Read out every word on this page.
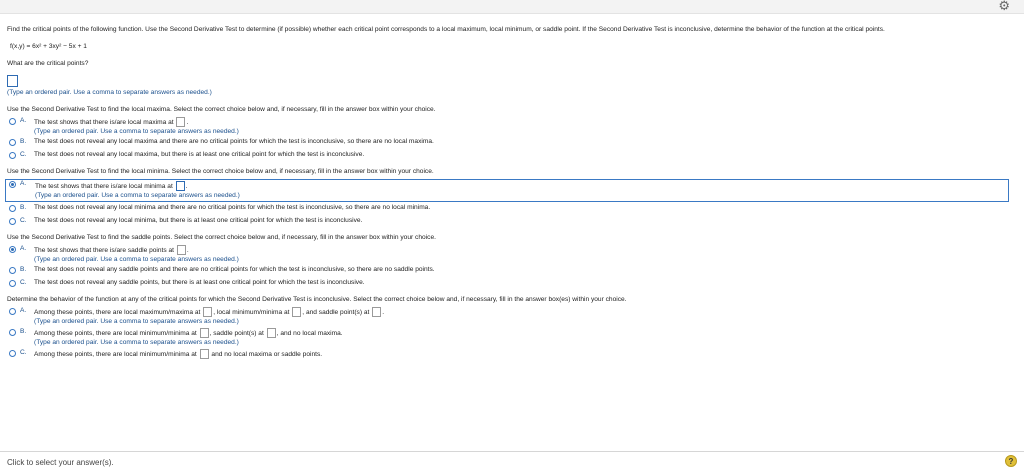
⚙
Find the critical points of the following function. Use the Second Derivative Test to determine (if possible) whether each critical point corresponds to a local maximum, local minimum, or saddle point. If the Second Derivative Test is inconclusive, determine the behavior of the function at the critical points.
f(x,y) = 6x² + 3xy² − 5x + 1
What are the critical points?
(Type an ordered pair. Use a comma to separate answers as needed.)
Use the Second Derivative Test to find the local maxima. Select the correct choice below and, if necessary, fill in the answer box within your choice.
A. The test shows that there is/are local maxima at .
(Type an ordered pair. Use a comma to separate answers as needed.)
B. The test does not reveal any local maxima and there are no critical points for which the test is inconclusive, so there are no local maxima.
C. The test does not reveal any local maxima, but there is at least one critical point for which the test is inconclusive.
Use the Second Derivative Test to find the local minima. Select the correct choice below and, if necessary, fill in the answer box within your choice.
A. The test shows that there is/are local minima at .
(Type an ordered pair. Use a comma to separate answers as needed.)
B. The test does not reveal any local minima and there are no critical points for which the test is inconclusive, so there are no local minima.
C. The test does not reveal any local minima, but there is at least one critical point for which the test is inconclusive.
Use the Second Derivative Test to find the saddle points. Select the correct choice below and, if necessary, fill in the answer box within your choice.
A. The test shows that there is/are saddle points at .
(Type an ordered pair. Use a comma to separate answers as needed.)
B. The test does not reveal any saddle points and there are no critical points for which the test is inconclusive, so there are no saddle points.
C. The test does not reveal any saddle points, but there is at least one critical point for which the test is inconclusive.
Determine the behavior of the function at any of the critical points for which the Second Derivative Test is inconclusive. Select the correct choice below and, if necessary, fill in the answer box(es) within your choice.
A. Among these points, there are local maximum/maxima at , local minimum/minima at , and saddle point(s) at .
(Type an ordered pair. Use a comma to separate answers as needed.)
B. Among these points, there are local minimum/minima at , saddle point(s) at , and no local maxima.
(Type an ordered pair. Use a comma to separate answers as needed.)
C. Among these points, there are local minimum/minima at and no local maxima or saddle points.
Click to select your answer(s).	?
